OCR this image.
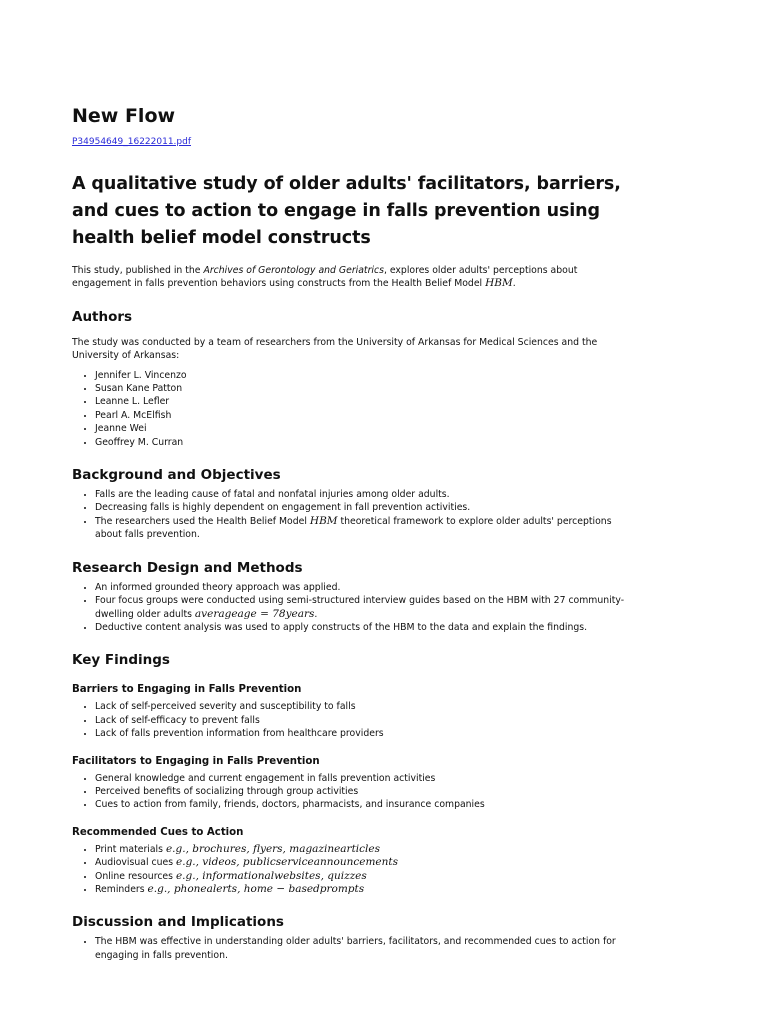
New Flow
P34954649_16222011.pdf
A qualitative study of older adults' facilitators, barriers, and cues to action to engage in falls prevention using health belief model constructs

This study, published in the Archives of Gerontology and Geriatrics, explores older adults' perceptions about engagement in falls prevention behaviors using constructs from the Health Belief Model HBM.

Authors

The study was conducted by a team of researchers from the University of Arkansas for Medical Sciences and the University of Arkansas:

• Jennifer L. Vincenzo
• Susan Kane Patton
• Leanne L. Lefler
• Pearl A. McElfish
• Jeanne Wei
• Geoffrey M. Curran
Background and Objectives
• Falls are the leading cause of fatal and nonfatal injuries among older adults.
• Decreasing falls is highly dependent on engagement in fall prevention activities.
• The researchers used the Health Belief Model HBM theoretical framework to explore older adults' perceptions about falls prevention.
Research Design and Methods
• An informed grounded theory approach was applied.
• Four focus groups were conducted using semi-structured interview guides based on the HBM with 27 community-dwelling older adults averageage = 78years.
• Deductive content analysis was used to apply constructs of the HBM to the data and explain the findings.
Key Findings
Barriers to Engaging in Falls Prevention
• Lack of self-perceived severity and susceptibility to falls
• Lack of self-efficacy to prevent falls
• Lack of falls prevention information from healthcare providers
Facilitators to Engaging in Falls Prevention
• General knowledge and current engagement in falls prevention activities
• Perceived benefits of socializing through group activities
• Cues to action from family, friends, doctors, pharmacists, and insurance companies
Recommended Cues to Action
• Print materials e.g., brochures, flyers, magazinearticles
• Audiovisual cues e.g., videos, publicserviceannouncements
• Online resources e.g., informationalwebsites, quizzes
• Reminders e.g., phonealerts, home − basedprompts
Discussion and Implications
• The HBM was effective in understanding older adults' barriers, facilitators, and recommended cues to action for engaging in falls prevention.
